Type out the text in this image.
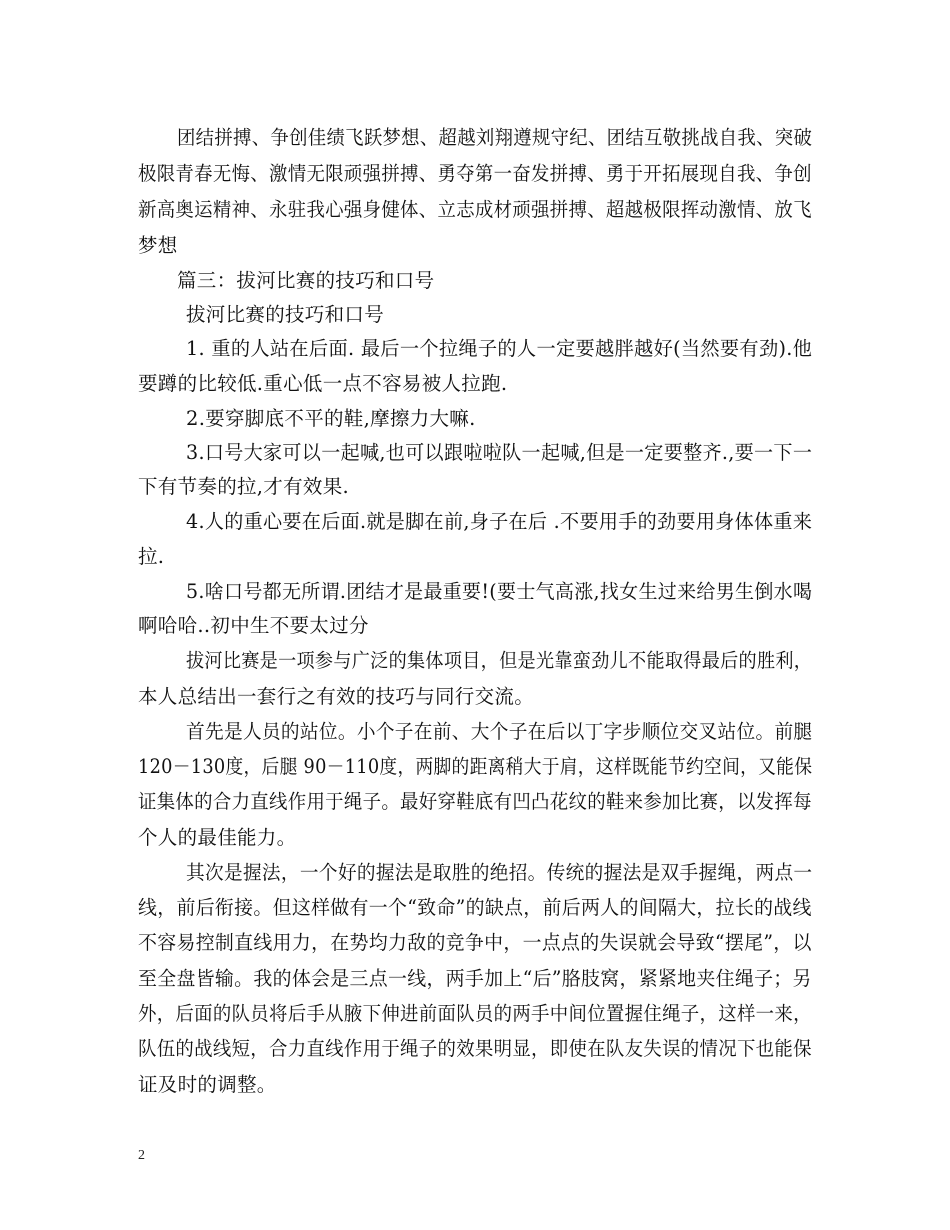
团结拼搏、争创佳绩飞跃梦想、超越刘翔遵规守纪、团结互敬挑战自我、突破
极限青春无悔、激情无限顽强拼搏、勇夺第一奋发拼搏、勇于开拓展现自我、争创
新高奥运精神、永驻我心强身健体、立志成材顽强拼搏、超越极限挥动激情、放飞
梦想
篇三：拔河比赛的技巧和口号
拔河比赛的技巧和口号
1. 重的人站在后面. 最后一个拉绳子的人一定要越胖越好(当然要有劲).他
要蹲的比较低.重心低一点不容易被人拉跑.
2.要穿脚底不平的鞋,摩擦力大嘛.
3.口号大家可以一起喊,也可以跟啦啦队一起喊,但是一定要整齐.,要一下一
下有节奏的拉,才有效果.
4.人的重心要在后面.就是脚在前,身子在后 .不要用手的劲要用身体体重来
拉.
5.啥口号都无所谓.团结才是最重要!(要士气高涨,找女生过来给男生倒水喝
啊哈哈..初中生不要太过分
拔河比赛是一项参与广泛的集体项目，但是光靠蛮劲儿不能取得最后的胜利，
本人总结出一套行之有效的技巧与同行交流。
首先是人员的站位。小个子在前、大个子在后以丁字步顺位交叉站位。前腿
120－130度，后腿 90－110度，两脚的距离稍大于肩，这样既能节约空间，又能保
证集体的合力直线作用于绳子。最好穿鞋底有凹凸花纹的鞋来参加比赛，以发挥每
个人的最佳能力。
其次是握法，一个好的握法是取胜的绝招。传统的握法是双手握绳，两点一
线，前后衔接。但这样做有一个“致命”的缺点，前后两人的间隔大，拉长的战线
不容易控制直线用力，在势均力敌的竞争中，一点点的失误就会导致“摆尾”，以
至全盘皆输。我的体会是三点一线，两手加上“后”胳肢窝，紧紧地夹住绳子；另
外，后面的队员将后手从腋下伸进前面队员的两手中间位置握住绳子，这样一来，
队伍的战线短，合力直线作用于绳子的效果明显，即使在队友失误的情况下也能保
证及时的调整。
2
